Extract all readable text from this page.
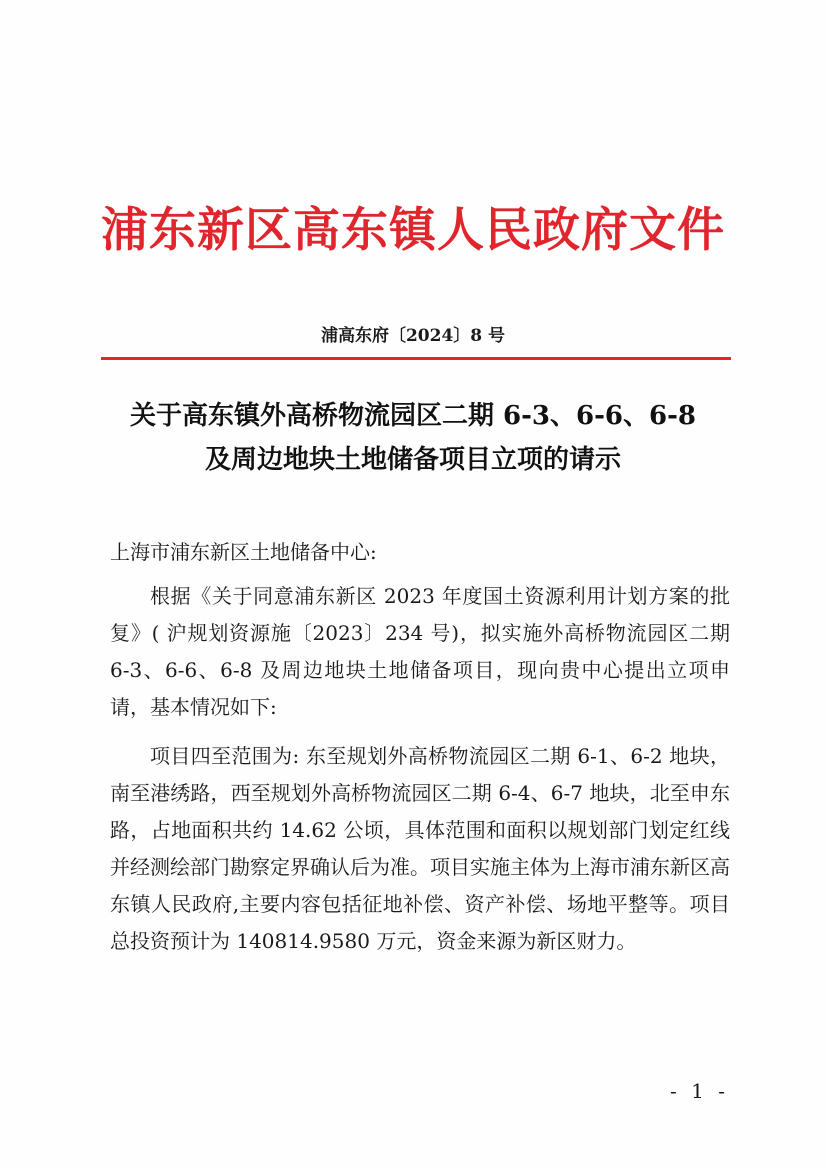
浦东新区高东镇人民政府文件
浦高东府〔2024〕8 号
关于高东镇外高桥物流园区二期 6-3、6-6、6-8
及周边地块土地储备项目立项的请示
上海市浦东新区土地储备中心:
根据《关于同意浦东新区 2023 年度国土资源利用计划方案的批复》( 沪规划资源施〔2023〕234 号)，拟实施外高桥物流园区二期 6-3、6-6、6-8 及周边地块土地储备项目，现向贵中心提出立项申请，基本情况如下:
项目四至范围为: 东至规划外高桥物流园区二期 6-1、6-2 地块，南至港绣路，西至规划外高桥物流园区二期 6-4、6-7 地块，北至申东路，占地面积共约 14.62 公顷，具体范围和面积以规划部门划定红线并经测绘部门勘察定界确认后为准。项目实施主体为上海市浦东新区高东镇人民政府,主要内容包括征地补偿、资产补偿、场地平整等。项目总投资预计为 140814.9580 万元，资金来源为新区财力。
- 1 -
